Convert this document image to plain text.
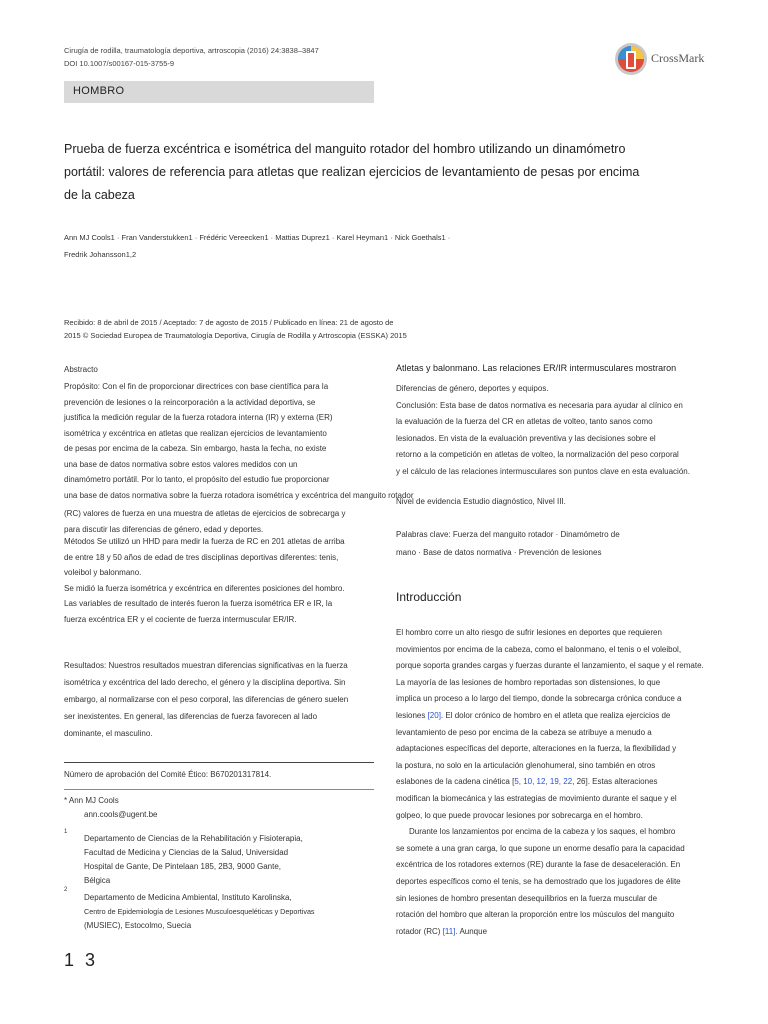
Cirugía de rodilla, traumatología deportiva, artroscopia (2016) 24:3838–3847
DOI 10.1007/s00167-015-3755-9	CrossMark
HOMBRO
Prueba de fuerza excéntrica e isométrica del manguito rotador del hombro utilizando un dinamómetro
portátil: valores de referencia para atletas que realizan ejercicios de levantamiento de pesas por encima
de la cabeza
Ann MJ Cools1 · Fran Vanderstukken1 · Frédéric Vereecken1 · Mattias Duprez1 · Karel Heyman1 · Nick Goethals1 ·
Fredrik Johansson1,2
Recibido: 8 de abril de 2015 / Aceptado: 7 de agosto de 2015 / Publicado en línea: 21 de agosto de
2015 © Sociedad Europea de Traumatología Deportiva, Cirugía de Rodilla y Artroscopia (ESSKA) 2015
Abstracto
Propósito: Con el fin de proporcionar directrices con base científica para la
prevención de lesiones o la reincorporación a la actividad deportiva, se
justifica la medición regular de la fuerza rotadora interna (IR) y externa (ER)
isométrica y excéntrica en atletas que realizan ejercicios de levantamiento
de pesas por encima de la cabeza. Sin embargo, hasta la fecha, no existe
una base de datos normativa sobre estos valores medidos con un
dinamómetro portátil. Por lo tanto, el propósito del estudio fue proporcionar
una base de datos normativa sobre la fuerza rotadora isométrica y excéntrica del manguito rotador
(RC) valores de fuerza en una muestra de atletas de ejercicios de sobrecarga y
para discutir las diferencias de género, edad y deportes.
Métodos Se utilizó un HHD para medir la fuerza de RC en 201 atletas de arriba
de entre 18 y 50 años de edad de tres disciplinas deportivas diferentes: tenis,
voleibol y balonmano.
Se midió la fuerza isométrica y excéntrica en diferentes posiciones del hombro.
Las variables de resultado de interés fueron la fuerza isométrica ER e IR, la
fuerza excéntrica ER y el cociente de fuerza intermuscular ER/IR.
Resultados: Nuestros resultados muestran diferencias significativas en la fuerza
isométrica y excéntrica del lado derecho, el género y la disciplina deportiva. Sin
embargo, al normalizarse con el peso corporal, las diferencias de género suelen
ser inexistentes. En general, las diferencias de fuerza favorecen al lado
dominante, el masculino.
Número de aprobación del Comité Ético: B670201317814.
* Ann MJ Cools
ann.cools@ugent.be
1
Departamento de Ciencias de la Rehabilitación y Fisioterapia,
Facultad de Medicina y Ciencias de la Salud, Universidad
Hospital de Gante, De Pintelaan 185, 2B3, 9000 Gante,
Bélgica
2
Departamento de Medicina Ambiental, Instituto Karolinska,
Centro de Epidemiología de Lesiones Musculoesqueléticas y Deportivas
(MUSIEC), Estocolmo, Suecia
1 3
Atletas y balonmano. Las relaciones ER/IR intermusculares mostraron
Diferencias de género, deportes y equipos.
Conclusión: Esta base de datos normativa es necesaria para ayudar al clínico en
la evaluación de la fuerza del CR en atletas de volteo, tanto sanos como
lesionados. En vista de la evaluación preventiva y las decisiones sobre el
retorno a la competición en atletas de volteo, la normalización del peso corporal
y el cálculo de las relaciones intermusculares son puntos clave en esta evaluación.
Nivel de evidencia Estudio diagnóstico, Nivel III.
Palabras clave: Fuerza del manguito rotador · Dinamómetro de
mano · Base de datos normativa · Prevención de lesiones
Introducción
El hombro corre un alto riesgo de sufrir lesiones en deportes que requieren
movimientos por encima de la cabeza, como el balonmano, el tenis o el voleibol,
porque soporta grandes cargas y fuerzas durante el lanzamiento, el saque y el remate.
La mayoría de las lesiones de hombro reportadas son distensiones, lo que
implica un proceso a lo largo del tiempo, donde la sobrecarga crónica conduce a
lesiones [20]. El dolor crónico de hombro en el atleta que realiza ejercicios de
levantamiento de peso por encima de la cabeza se atribuye a menudo a
adaptaciones específicas del deporte, alteraciones en la fuerza, la flexibilidad y
la postura, no solo en la articulación glenohumeral, sino también en otros
eslabones de la cadena cinética [5, 10, 12, 19, 22, 26]. Estas alteraciones
modifican la biomecánica y las estrategias de movimiento durante el saque y el
golpeo, lo que puede provocar lesiones por sobrecarga en el hombro.
Durante los lanzamientos por encima de la cabeza y los saques, el hombro
se somete a una gran carga, lo que supone un enorme desafío para la capacidad
excéntrica de los rotadores externos (RE) durante la fase de desaceleración. En
deportes específicos como el tenis, se ha demostrado que los jugadores de élite
sin lesiones de hombro presentan desequilibrios en la fuerza muscular de
rotación del hombro que alteran la proporción entre los músculos del manguito
rotador (RC) [11]. Aunque
